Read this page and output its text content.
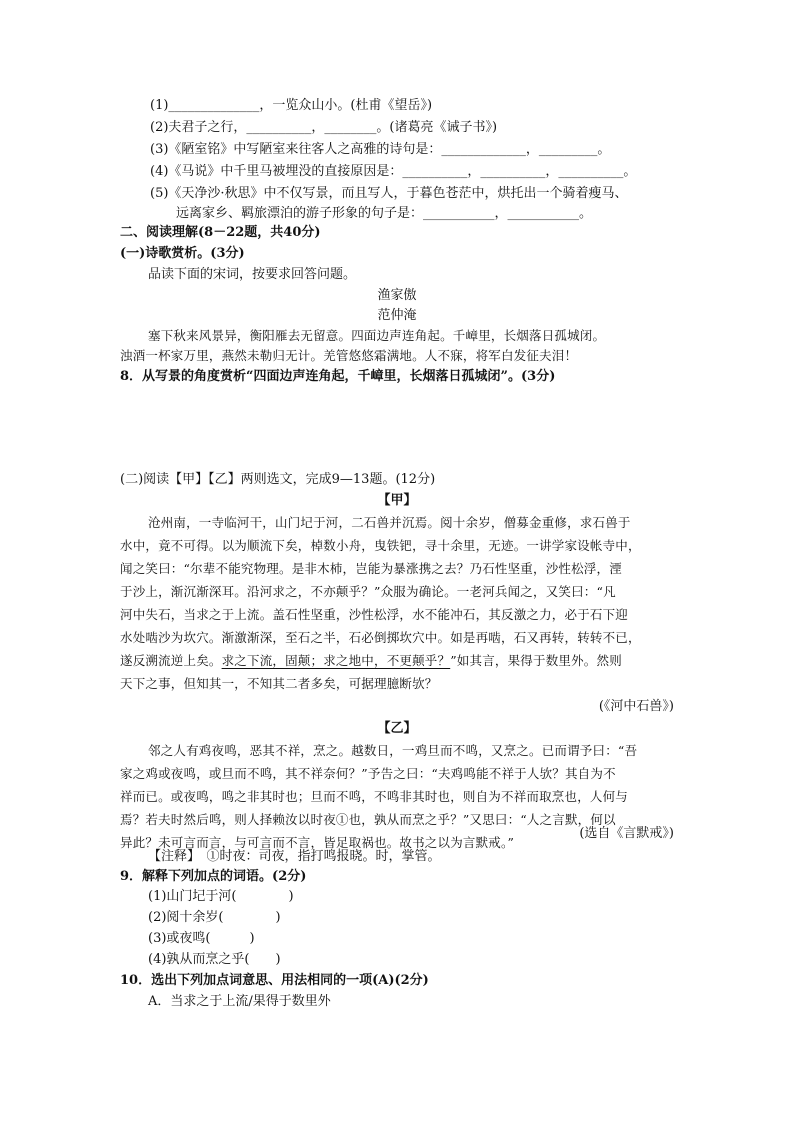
(1)______________，一览众山小。(杜甫《望岳》)
(2)夫君子之行，__________，________。(诸葛亮《诫子书》)
(3)《陋室铭》中写陋室来往客人之高雅的诗句是：_____________，_________。
(4)《马说》中千里马被埋没的直接原因是：__________，__________，__________。
(5)《天净沙·秋思》中不仅写景，而且写人，于暮色苍茫中，烘托出一个骑着瘦马、
远离家乡、羁旅漂泊的游子形象的句子是：___________，___________。
二、阅读理解(8－22题，共40分)
(一)诗歌赏析。(3分)
品读下面的宋词，按要求回答问题。
渔家傲
范仲淹
塞下秋来风景异，衡阳雁去无留意。四面边声连角起。千嶂里，长烟落日孤城闭。
浊酒一杯家万里，燕然未勒归无计。羌管悠悠霜满地。人不寐，将军白发征夫泪！
8．从写景的角度赏析“四面边声连角起，千嶂里，长烟落日孤城闭”。(3分)
(二)阅读【甲】【乙】两则选文，完成9—13题。(12分)
【甲】
沧州南，一寺临河干，山门圮于河，二石兽并沉焉。阅十余岁，僧募金重修，求石兽于
水中，竟不可得。以为顺流下矣，棹数小舟，曳铁钯，寻十余里，无迹。一讲学家设帐寺中，
闻之笑曰：“尔辈不能究物理。是非木杮，岂能为暴涨携之去？乃石性坚重，沙性松浮，湮
于沙上，渐沉渐深耳。沿河求之，不亦颠乎？”众服为确论。一老河兵闻之，又笑曰：“凡
河中失石，当求之于上流。盖石性坚重，沙性松浮，水不能冲石，其反激之力，必于石下迎
水处啮沙为坎穴。渐激渐深，至石之半，石必倒掷坎穴中。如是再啮，石又再转，转转不已，
遂反溯流逆上矣。求之下流，固颠；求之地中，不更颠乎？”如其言，果得于数里外。然则
天下之事，但知其一，不知其二者多矣，可据理臆断欤？
(《河中石兽》)
【乙】
邻之人有鸡夜鸣，恶其不祥，烹之。越数日，一鸡旦而不鸣，又烹之。已而谓予曰：“吾
家之鸡或夜鸣，或旦而不鸣，其不祥奈何？”予告之曰：“夫鸡鸣能不祥于人欤？其自为不
祥而已。或夜鸣，鸣之非其时也；旦而不鸣，不鸣非其时也，则自为不祥而取烹也，人何与
焉？若夫时然后鸣，则人择赖汝以时夜①也，孰从而烹之乎？”又思曰：“人之言默，何以
异此？未可言而言，与可言而不言，皆足取祸也。故书之以为言默戒。”
(选自《言默戒》)
【注释】　①时夜：司夜，指打鸣报晓。时，掌管。
9．解释下列加点的词语。(2分)
(1)山门圮于河(　　　　)
(2)阅十余岁(　　　　)
(3)或夜鸣(　　　)
(4)孰从而烹之乎(　　)
10．选出下列加点词意思、用法相同的一项(A)(2分)
A．当求之于上流/果得于数里外
